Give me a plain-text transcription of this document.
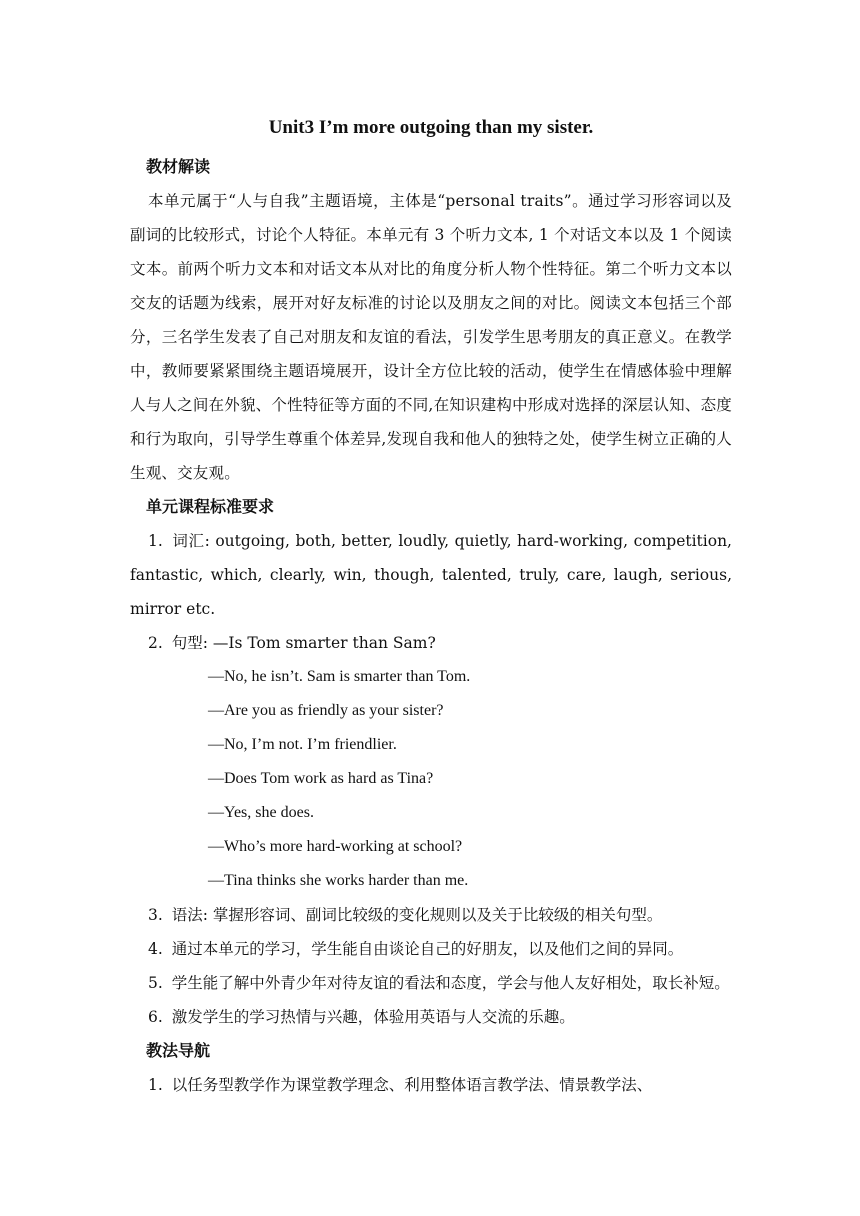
Unit3 I’m more outgoing than my sister.
教材解读

本单元属于“人与自我”主题语境，主体是“personal traits”。通过学习形容词以及副词的比较形式，讨论个人特征。本单元有 3 个听力文本, 1 个对话文本以及 1 个阅读文本。前两个听力文本和对话文本从对比的角度分析人物个性特征。第二个听力文本以交友的话题为线索，展开对好友标准的讨论以及朋友之间的对比。阅读文本包括三个部分，三名学生发表了自己对朋友和友谊的看法，引发学生思考朋友的真正意义。在教学中，教师要紧紧围绕主题语境展开，设计全方位比较的活动，使学生在情感体验中理解人与人之间在外貌、个性特征等方面的不同,在知识建构中形成对选择的深层认知、态度和行为取向，引导学生尊重个体差异,发现自我和他人的独特之处，使学生树立正确的人生观、交友观。

单元课程标准要求

1. 词汇: outgoing, both, better, loudly, quietly, hard-working, competition, fantastic, which, clearly, win, though, talented, truly, care, laugh, serious, mirror etc.

2. 句型: —Is Tom smarter than Sam?

—No, he isn’t. Sam is smarter than Tom.

—Are you as friendly as your sister?

—No, I’m not. I’m friendlier.

—Does Tom work as hard as Tina?

—Yes, she does.

—Who’s more hard-working at school?

—Tina thinks she works harder than me.

3. 语法: 掌握形容词、副词比较级的变化规则以及关于比较级的相关句型。

4. 通过本单元的学习，学生能自由谈论自己的好朋友，以及他们之间的异同。

5. 学生能了解中外青少年对待友谊的看法和态度，学会与他人友好相处，取长补短。

6. 激发学生的学习热情与兴趣，体验用英语与人交流的乐趣。

教法导航

1. 以任务型教学作为课堂教学理念、利用整体语言教学法、情景教学法、
